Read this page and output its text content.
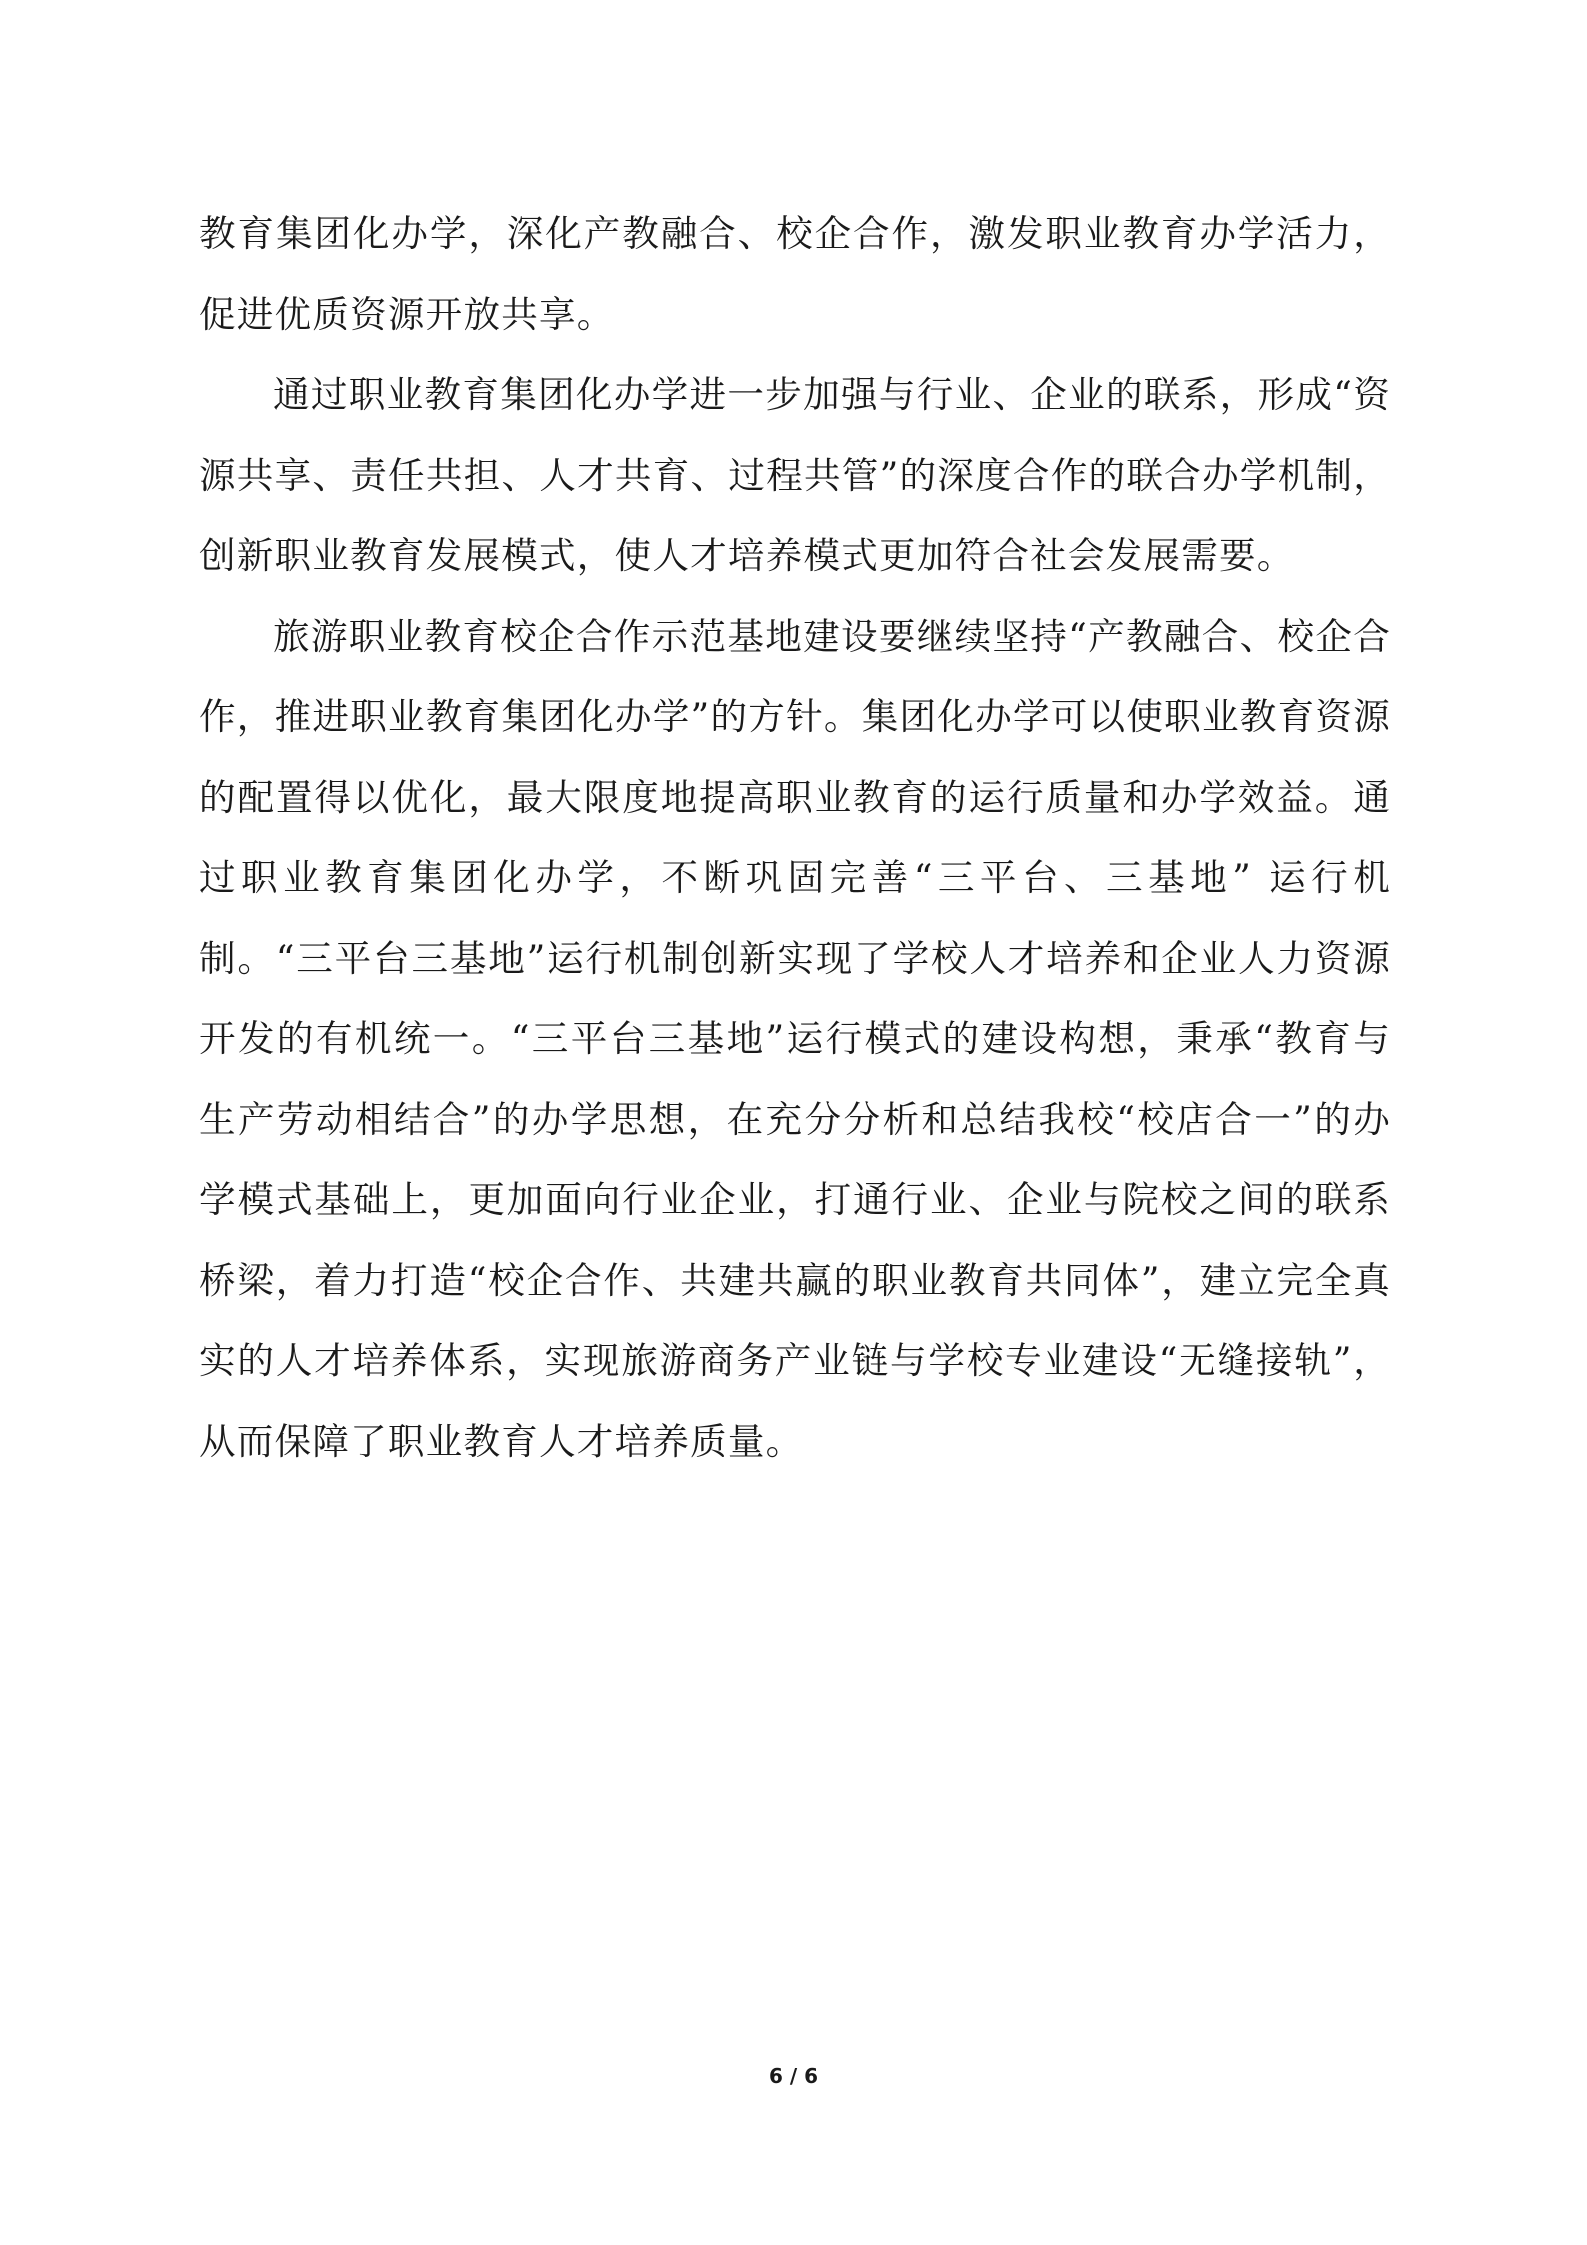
教育集团化办学，深化产教融合、校企合作，激发职业教育办学活力，促进优质资源开放共享。

通过职业教育集团化办学进一步加强与行业、企业的联系，形成“资源共享、责任共担、人才共育、过程共管”的深度合作的联合办学机制，创新职业教育发展模式，使人才培养模式更加符合社会发展需要。

旅游职业教育校企合作示范基地建设要继续坚持“产教融合、校企合作，推进职业教育集团化办学”的方针。集团化办学可以使职业教育资源的配置得以优化，最大限度地提高职业教育的运行质量和办学效益。通过职业教育集团化办学，不断巩固完善“三平台、三基地” 运行机制。“三平台三基地”运行机制创新实现了学校人才培养和企业人力资源开发的有机统一。“三平台三基地”运行模式的建设构想，秉承“教育与生产劳动相结合”的办学思想，在充分分析和总结我校“校店合一”的办学模式基础上，更加面向行业企业，打通行业、企业与院校之间的联系桥梁，着力打造“校企合作、共建共赢的职业教育共同体”，建立完全真实的人才培养体系，实现旅游商务产业链与学校专业建设“无缝接轨”，从而保障了职业教育人才培养质量。

6 / 6
